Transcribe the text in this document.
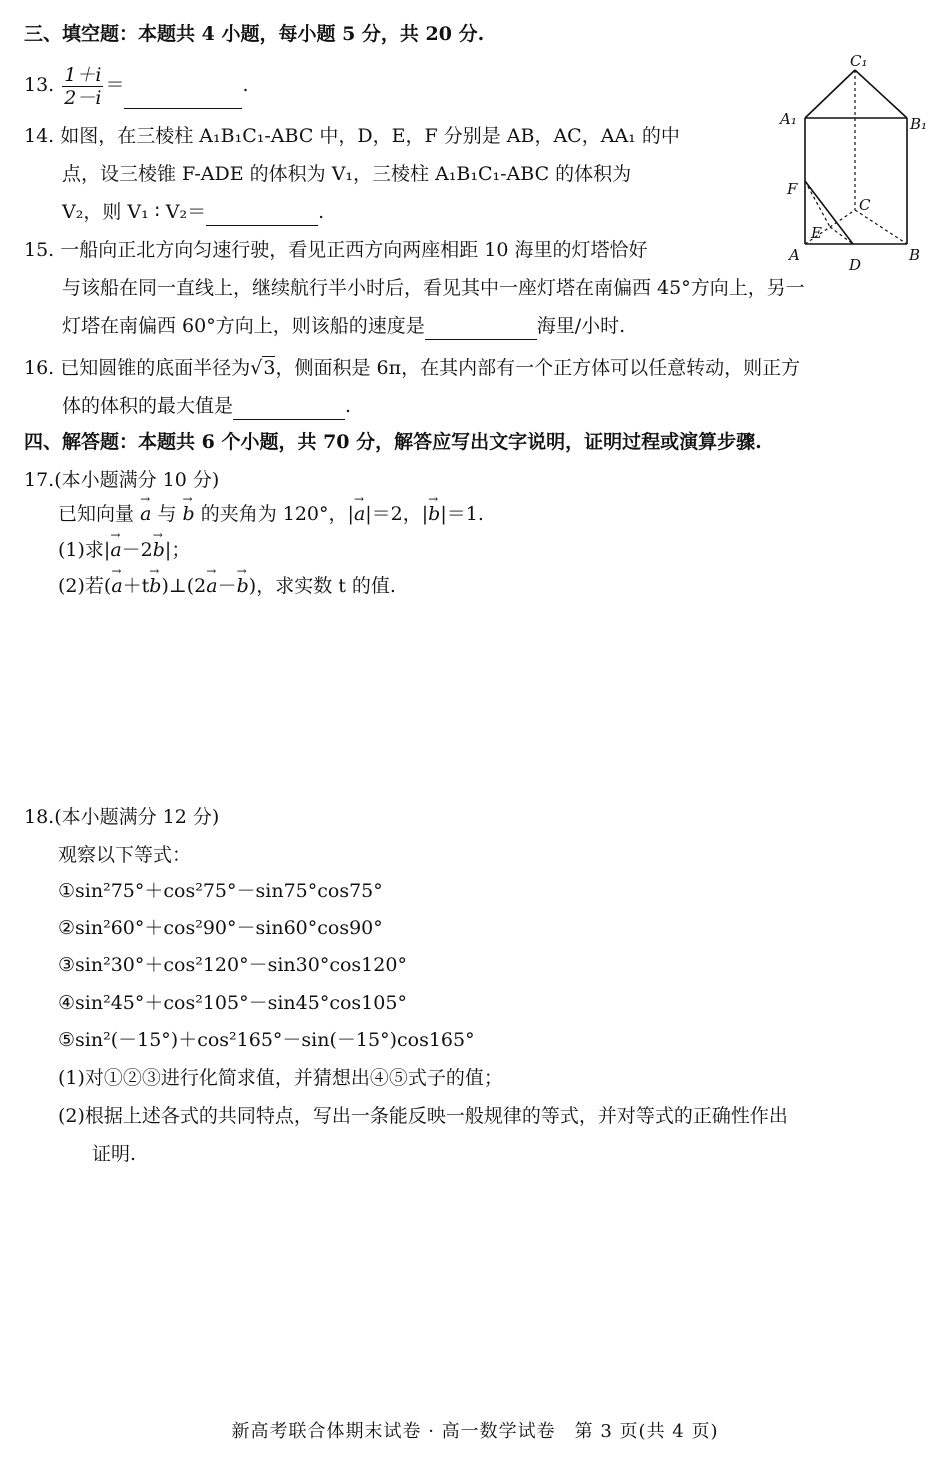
三、填空题：本题共 4 小题，每小题 5 分，共 20 分.
13. $\frac{1+i}{2-i}$ ＝	.
14. 如图，在三棱柱 A₁B₁C₁-ABC 中，D，E，F 分别是 AB，AC，AA₁ 的中
点，设三棱锥 F-ADE 的体积为 V₁，三棱柱 A₁B₁C₁-ABC 的体积为
V₂，则 V₁ ∶ V₂＝	.
A₁	B₁
C₁
F
C
E
A	B
D
15. 一船向正北方向匀速行驶，看见正西方向两座相距 10 海里的灯塔恰好
与该船在同一直线上，继续航行半小时后，看见其中一座灯塔在南偏西 45°方向上，另一
灯塔在南偏西 60°方向上，则该船的速度是	海里/小时.
16. 已知圆锥的底面半径为√3，侧面积是 6π，在其内部有一个正方体可以任意转动，则正方
体的体积的最大值是	.
四、解答题：本题共 6 个小题，共 70 分，解答应写出文字说明，证明过程或演算步骤.
17.(本小题满分 10 分)
已知向量 → a 与 → b 的夹角为 120°，|→ a|＝2，|→ b|＝1.
(1)求|→ a－2→ b|；
(2)若(→ a＋t→ b)⊥(2→ a－→ b)，求实数 t 的值.
18.(本小题满分 12 分)
观察以下等式：
①sin²75°＋cos²75°－sin75°cos75°
②sin²60°＋cos²90°－sin60°cos90°
③sin²30°＋cos²120°－sin30°cos120°
④sin²45°＋cos²105°－sin45°cos105°
⑤sin²(－15°)＋cos²165°－sin(－15°)cos165°
(1)对①②③进行化简求值，并猜想出④⑤式子的值；
(2)根据上述各式的共同特点，写出一条能反映一般规律的等式，并对等式的正确性作出
证明.
新高考联合体期末试卷 · 高一数学试卷　第 3 页(共 4 页)
